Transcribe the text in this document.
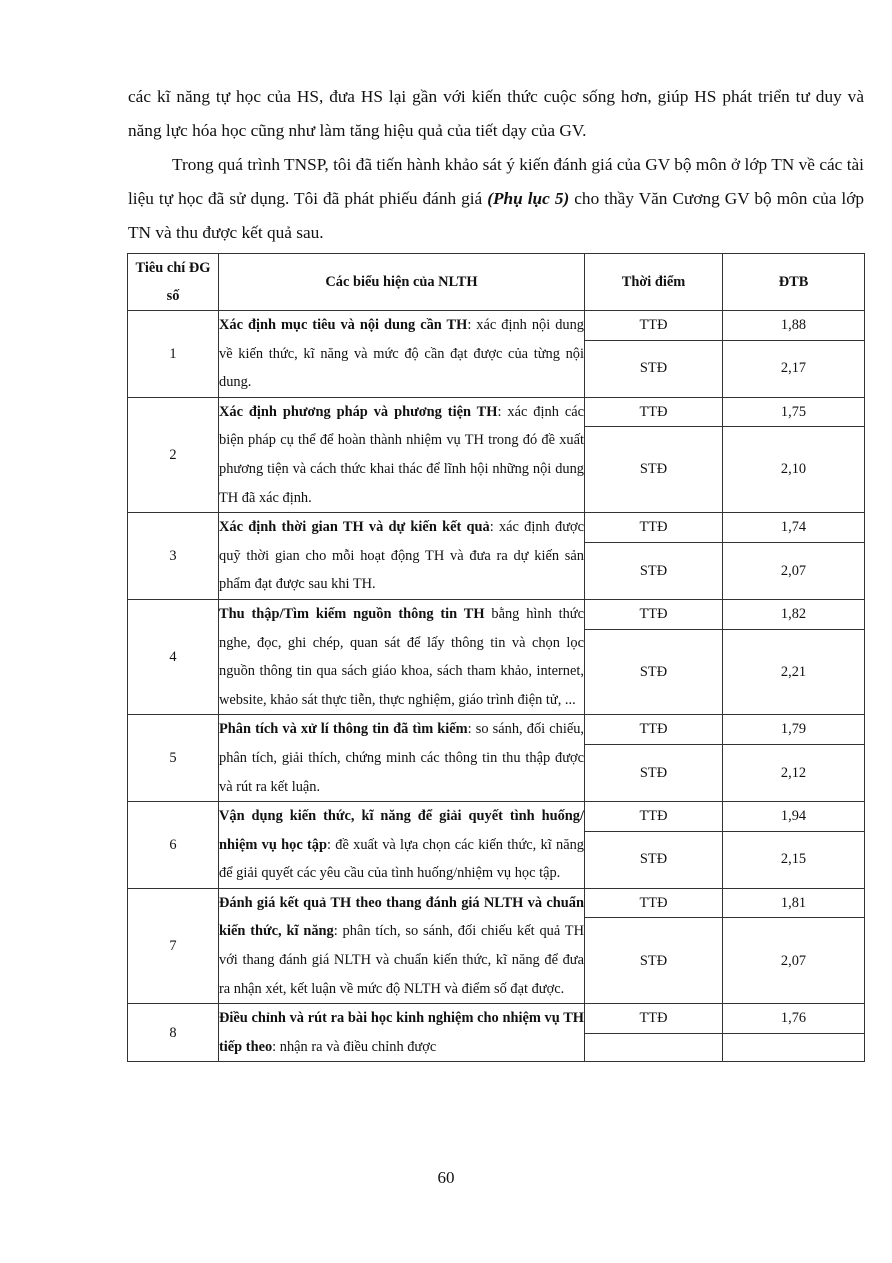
các kĩ năng tự học của HS, đưa HS lại gần với kiến thức cuộc sống hơn, giúp HS phát triển tư duy và năng lực hóa học cũng như làm tăng hiệu quả của tiết dạy của GV.

Trong quá trình TNSP, tôi đã tiến hành khảo sát ý kiến đánh giá của GV bộ môn ở lớp TN về các tài liệu tự học đã sử dụng. Tôi đã phát phiếu đánh giá (Phụ lục 5) cho thầy Văn Cương GV bộ môn của lớp TN và thu được kết quả sau.

Tiêu chí ĐG số	Các biểu hiện của NLTH	Thời điểm	ĐTB
1	Xác định mục tiêu và nội dung cần TH: xác định nội dung về kiến thức, kĩ năng và mức độ cần đạt được của từng nội dung.	TTĐ	1,88
		STĐ	2,17
2	Xác định phương pháp và phương tiện TH: xác định các biện pháp cụ thể để hoàn thành nhiệm vụ TH trong đó đề xuất phương tiện và cách thức khai thác để lĩnh hội những nội dung TH đã xác định.	TTĐ	1,75
		STĐ	2,10
3	Xác định thời gian TH và dự kiến kết quả: xác định được quỹ thời gian cho mỗi hoạt động TH và đưa ra dự kiến sản phẩm đạt được sau khi TH.	TTĐ	1,74
		STĐ	2,07
4	Thu thập/Tìm kiếm nguồn thông tin TH bằng hình thức nghe, đọc, ghi chép, quan sát để lấy thông tin và chọn lọc nguồn thông tin qua sách giáo khoa, sách tham khảo, internet, website, khảo sát thực tiễn, thực nghiệm, giáo trình điện tử, ...	TTĐ	1,82
		STĐ	2,21
5	Phân tích và xử lí thông tin đã tìm kiếm: so sánh, đối chiếu, phân tích, giải thích, chứng minh các thông tin thu thập được và rút ra kết luận.	TTĐ	1,79
		STĐ	2,12
6	Vận dụng kiến thức, kĩ năng để giải quyết tình huống/ nhiệm vụ học tập: đề xuất và lựa chọn các kiến thức, kĩ năng để giải quyết các yêu cầu của tình huống/nhiệm vụ học tập.	TTĐ	1,94
		STĐ	2,15
7	Đánh giá kết quả TH theo thang đánh giá NLTH và chuẩn kiến thức, kĩ năng: phân tích, so sánh, đối chiếu kết quả TH với thang đánh giá NLTH và chuẩn kiến thức, kĩ năng để đưa ra nhận xét, kết luận về mức độ NLTH và điểm số đạt được.	TTĐ	1,81
		STĐ	2,07
8	Điều chỉnh và rút ra bài học kinh nghiệm cho nhiệm vụ TH tiếp theo: nhận ra và điều chỉnh được	TTĐ	1,76

60
